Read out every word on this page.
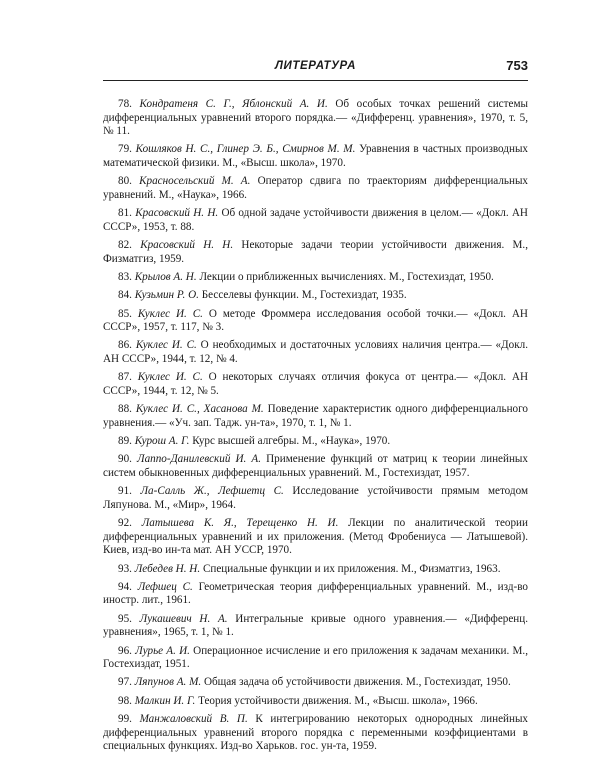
ЛИТЕРАТУРА	753
78. Кондратеня С. Г., Яблонский А. И. Об особых точках решений системы дифференциальных уравнений второго порядка.— «Дифференц. уравнения», 1970, т. 5, № 11.
79. Кошляков Н. С., Глинер Э. Б., Смирнов М. М. Уравнения в частных производных математической физики. М., «Высш. школа», 1970.
80. Красносельский М. А. Оператор сдвига по траекториям дифференциальных уравнений. М., «Наука», 1966.
81. Красовский Н. Н. Об одной задаче устойчивости движения в целом.— «Докл. АН СССР», 1953, т. 88.
82. Красовский Н. Н. Некоторые задачи теории устойчивости движения. М., Физматгиз, 1959.
83. Крылов А. Н. Лекции о приближенных вычислениях. М., Гостехиздат, 1950.
84. Кузьмин Р. О. Бесселевы функции. М., Гостехиздат, 1935.
85. Куклес И. С. О методе Фроммера исследования особой точки.— «Докл. АН СССР», 1957, т. 117, № 3.
86. Куклес И. С. О необходимых и достаточных условиях наличия центра.— «Докл. АН СССР», 1944, т. 12, № 4.
87. Куклес И. С. О некоторых случаях отличия фокуса от центра.— «Докл. АН СССР», 1944, т. 12, № 5.
88. Куклес И. С., Хасанова М. Поведение характеристик одного дифференциального уравнения.— «Уч. зап. Тадж. ун-та», 1970, т. 1, № 1.
89. Курош А. Г. Курс высшей алгебры. М., «Наука», 1970.
90. Лаппо-Данилевский И. А. Применение функций от матриц к теории линейных систем обыкновенных дифференциальных уравнений. М., Гостехиздат, 1957.
91. Ла-Салль Ж., Лефшетц С. Исследование устойчивости прямым методом Ляпунова. М., «Мир», 1964.
92. Латышева К. Я., Терещенко Н. И. Лекции по аналитической теории дифференциальных уравнений и их приложения. (Метод Фробениуса — Латышевой). Киев, изд-во ин-та мат. АН УССР, 1970.
93. Лебедев Н. Н. Специальные функции и их приложения. М., Физматгиз, 1963.
94. Лефшец С. Геометрическая теория дифференциальных уравнений. М., изд-во иностр. лит., 1961.
95. Лукашевич Н. А. Интегральные кривые одного уравнения.— «Дифференц. уравнения», 1965, т. 1, № 1.
96. Лурье А. И. Операционное исчисление и его приложения к задачам механики. М., Гостехиздат, 1951.
97. Ляпунов А. М. Общая задача об устойчивости движения. М., Гостехиздат, 1950.
98. Малкин И. Г. Теория устойчивости движения. М., «Высш. школа», 1966.
99. Манжаловский В. П. К интегрированию некоторых однородных линейных дифференциальных уравнений второго порядка с переменными коэффициентами в специальных функциях. Изд-во Харьков. гос. ун-та, 1959.
